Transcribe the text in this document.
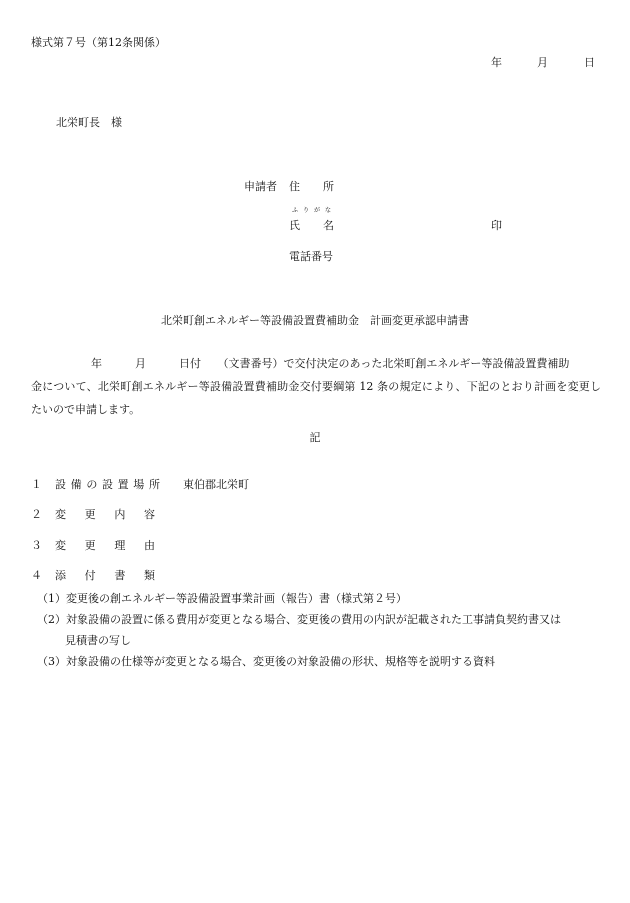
様式第７号（第12条関係）
年	月	日
北栄町長 様
申請者 住 所
ふりがな
氏 名	印
電話番号
北栄町創エネルギー等設備設置費補助金　計画変更承認申請書
年　　　月　　　日付　　（文書番号）で交付決定のあった北栄町創エネルギー等設備設置費補助
金について、北栄町創エネルギー等設備設置費補助金交付要綱第 12 条の規定により、下記のとおり計画を変更したいので申請します。
記
１ 設 備 の 設 置 場 所 東伯郡北栄町
２ 変 更 内 容
３ 変 更 理 由
４ 添 付 書 類
（1）変更後の創エネルギー等設備設置事業計画（報告）書（様式第２号）
（2）対象設備の設置に係る費用が変更となる場合、変更後の費用の内訳が記載された工事請負契約書又は
見積書の写し
（3）対象設備の仕様等が変更となる場合、変更後の対象設備の形状、規格等を説明する資料
